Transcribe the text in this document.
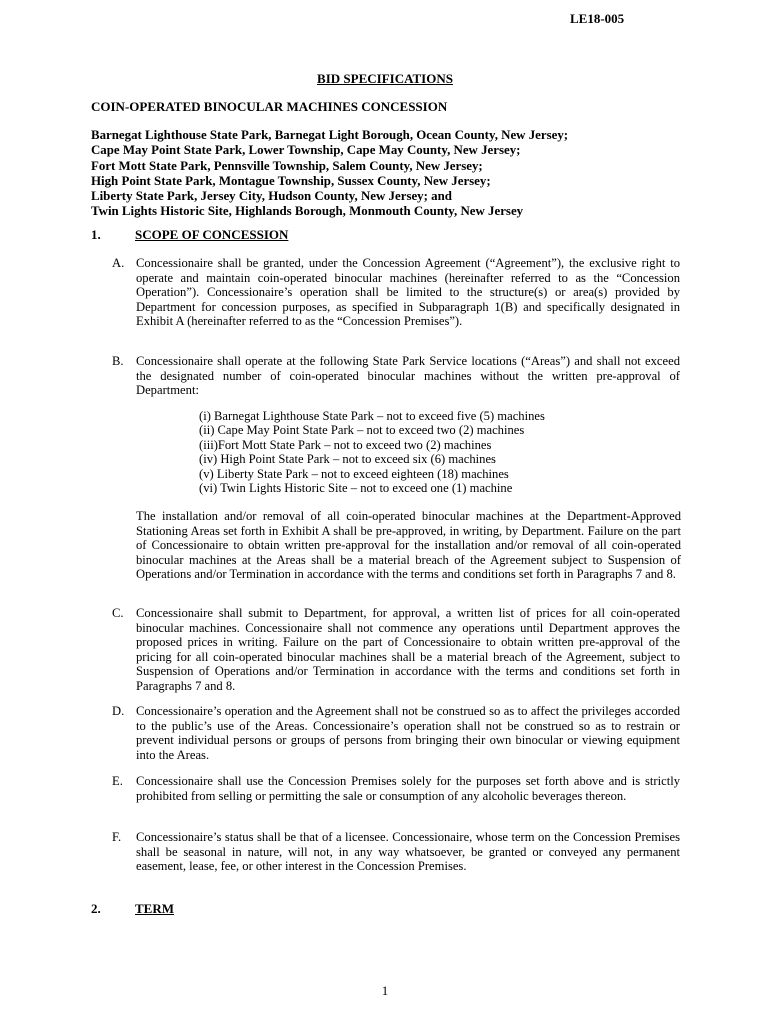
LE18-005
BID SPECIFICATIONS
COIN-OPERATED BINOCULAR MACHINES CONCESSION
Barnegat Lighthouse State Park, Barnegat Light Borough, Ocean County, New Jersey;
Cape May Point State Park, Lower Township, Cape May County, New Jersey;
Fort Mott State Park, Pennsville Township, Salem County, New Jersey;
High Point State Park, Montague Township, Sussex County, New Jersey;
Liberty State Park, Jersey City, Hudson County, New Jersey; and
Twin Lights Historic Site, Highlands Borough, Monmouth County, New Jersey
1.	SCOPE OF CONCESSION
A. Concessionaire shall be granted, under the Concession Agreement (“Agreement”), the exclusive right to operate and maintain coin-operated binocular machines (hereinafter referred to as the “Concession Operation”). Concessionaire’s operation shall be limited to the structure(s) or area(s) provided by Department for concession purposes, as specified in Subparagraph 1(B) and specifically designated in Exhibit A (hereinafter referred to as the “Concession Premises”).
B. Concessionaire shall operate at the following State Park Service locations (“Areas”) and shall not exceed the designated number of coin-operated binocular machines without the written pre-approval of Department:
(i) Barnegat Lighthouse State Park – not to exceed five (5) machines
(ii) Cape May Point State Park – not to exceed two (2) machines
(iii)Fort Mott State Park – not to exceed two (2) machines
(iv) High Point State Park – not to exceed six (6) machines
(v) Liberty State Park – not to exceed eighteen (18) machines
(vi) Twin Lights Historic Site – not to exceed one (1) machine
The installation and/or removal of all coin-operated binocular machines at the Department-Approved Stationing Areas set forth in Exhibit A shall be pre-approved, in writing, by Department. Failure on the part of Concessionaire to obtain written pre-approval for the installation and/or removal of all coin-operated binocular machines at the Areas shall be a material breach of the Agreement subject to Suspension of Operations and/or Termination in accordance with the terms and conditions set forth in Paragraphs 7 and 8.
C. Concessionaire shall submit to Department, for approval, a written list of prices for all coin-operated binocular machines. Concessionaire shall not commence any operations until Department approves the proposed prices in writing. Failure on the part of Concessionaire to obtain written pre-approval of the pricing for all coin-operated binocular machines shall be a material breach of the Agreement, subject to Suspension of Operations and/or Termination in accordance with the terms and conditions set forth in Paragraphs 7 and 8.
D. Concessionaire’s operation and the Agreement shall not be construed so as to affect the privileges accorded to the public’s use of the Areas. Concessionaire’s operation shall not be construed so as to restrain or prevent individual persons or groups of persons from bringing their own binocular or viewing equipment into the Areas.
E. Concessionaire shall use the Concession Premises solely for the purposes set forth above and is strictly prohibited from selling or permitting the sale or consumption of any alcoholic beverages thereon.
F. Concessionaire’s status shall be that of a licensee. Concessionaire, whose term on the Concession Premises shall be seasonal in nature, will not, in any way whatsoever, be granted or conveyed any permanent easement, lease, fee, or other interest in the Concession Premises.
2.	TERM
1
